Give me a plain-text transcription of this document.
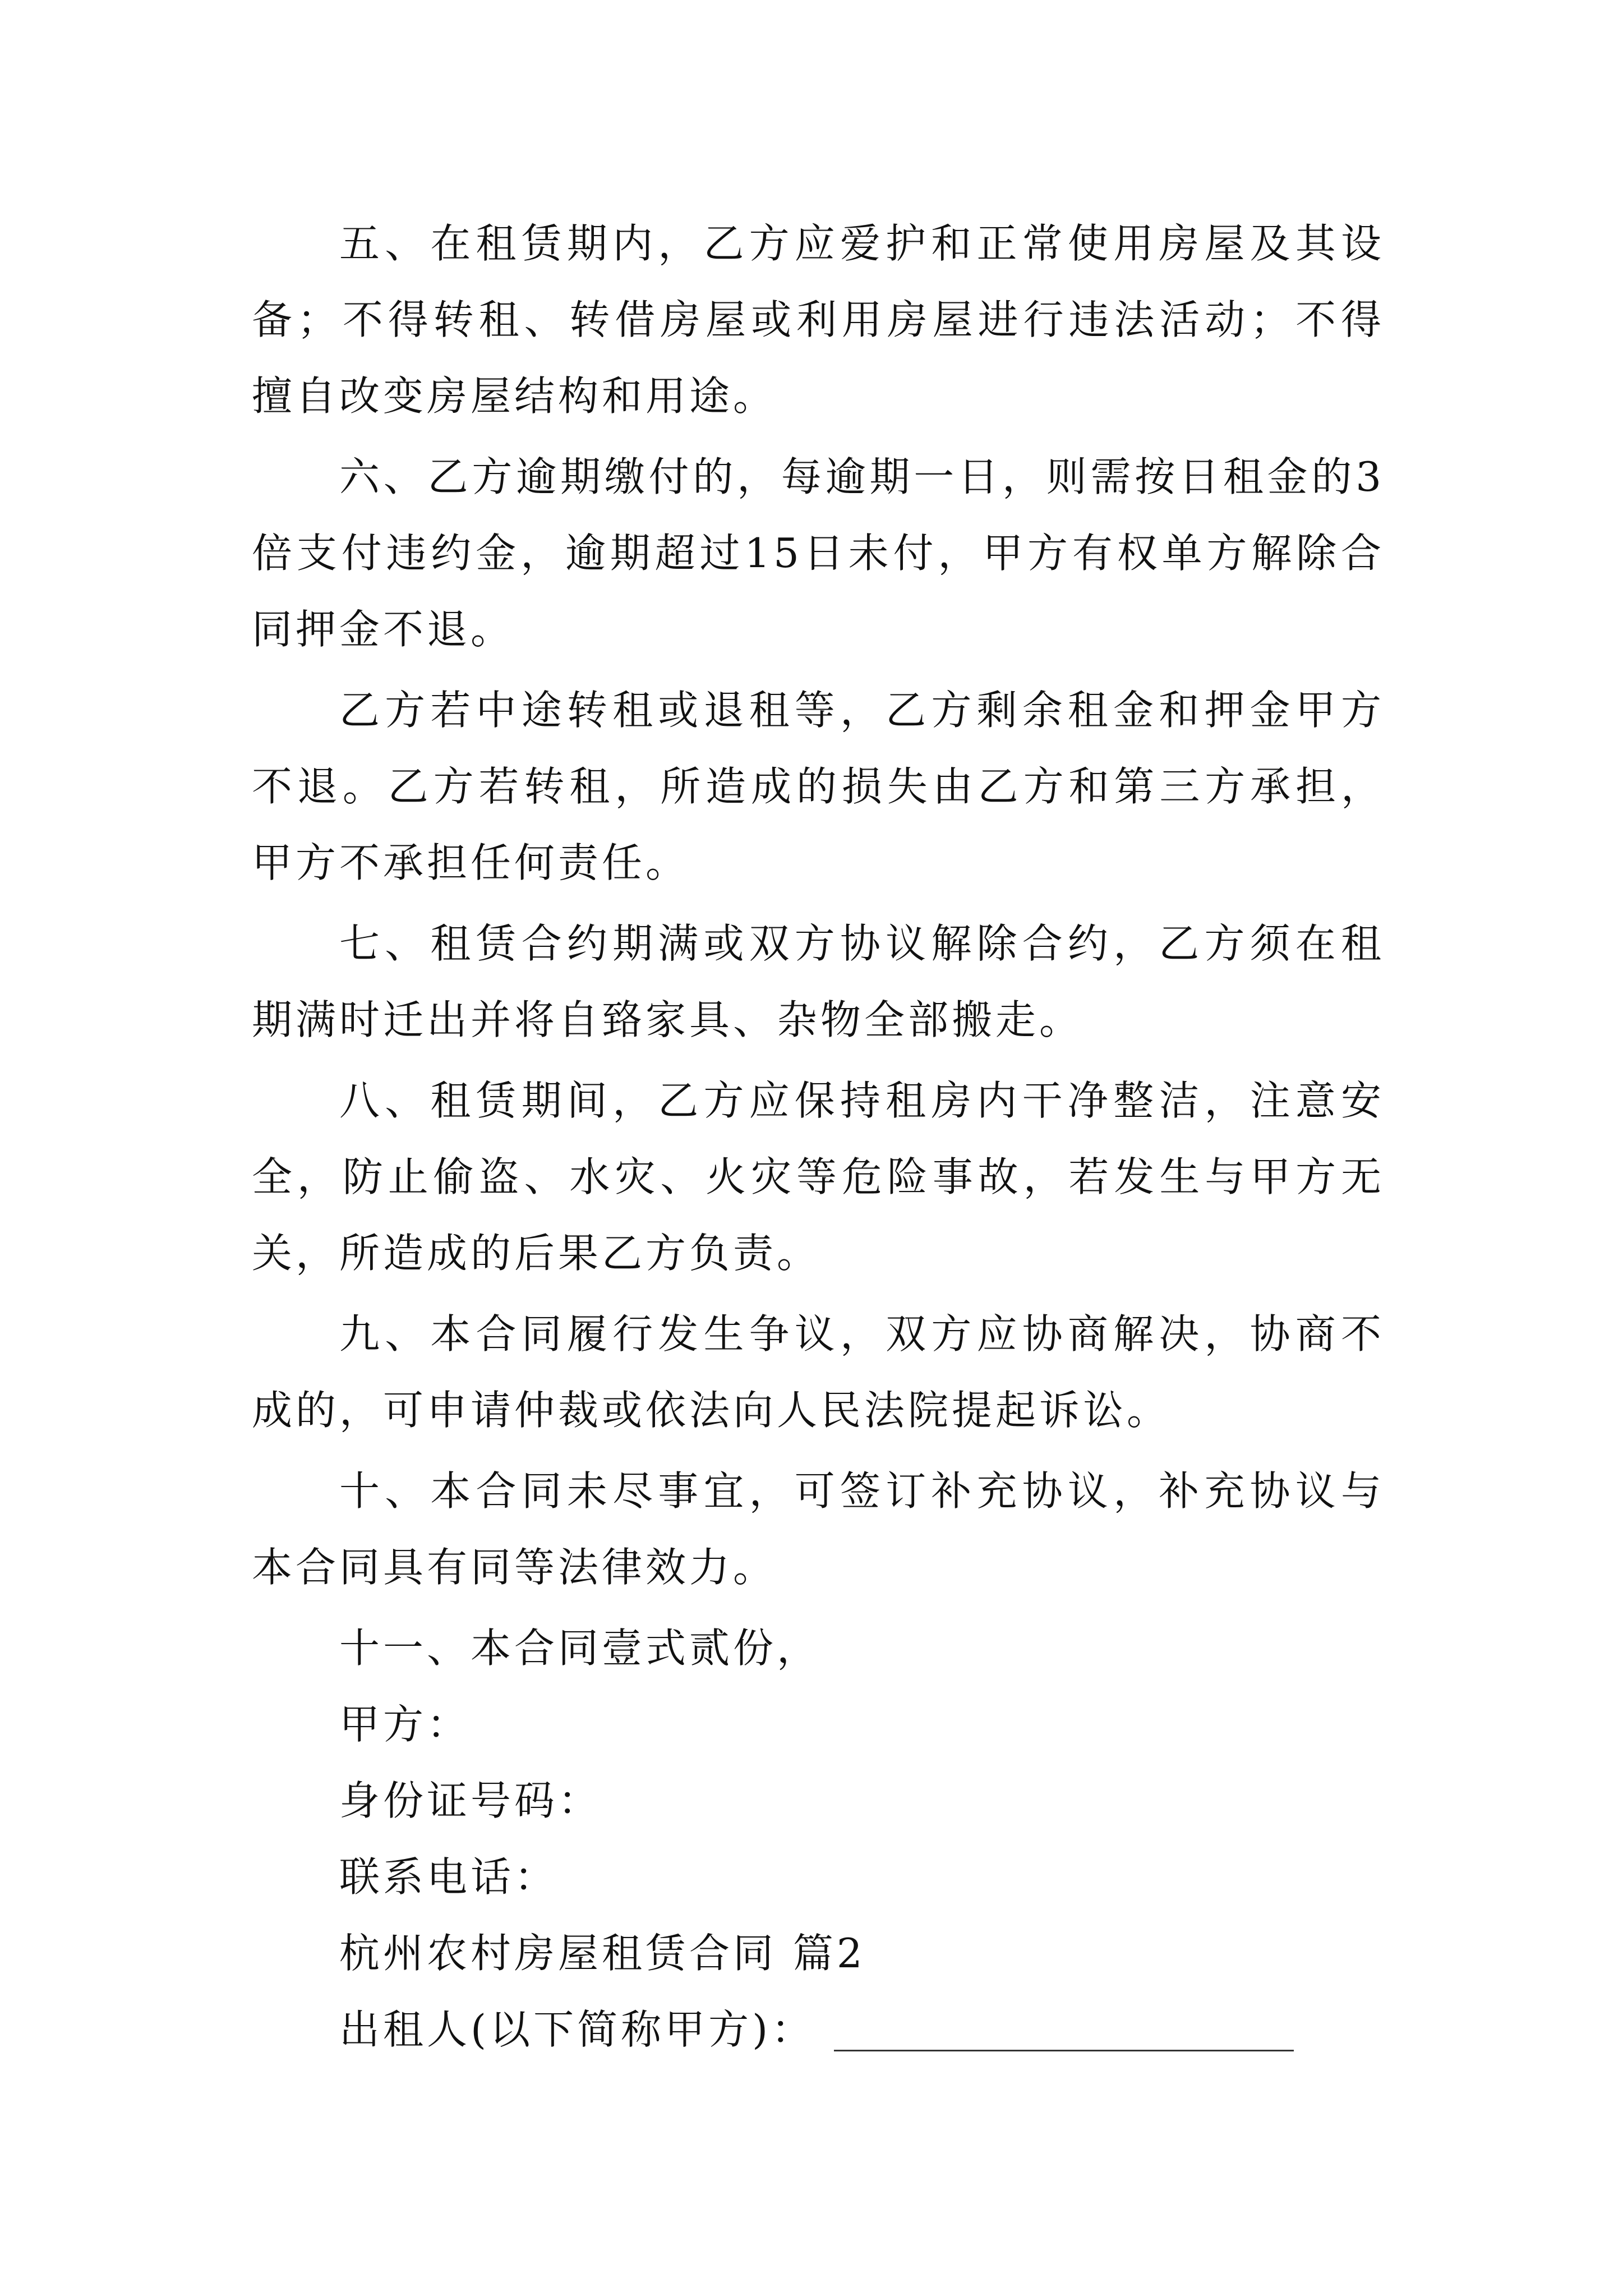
五、在租赁期内，乙方应爱护和正常使用房屋及其设备；不得转租、转借房屋或利用房屋进行违法活动；不得擅自改变房屋结构和用途。

六、乙方逾期缴付的，每逾期一日，则需按日租金的3倍支付违约金，逾期超过15日未付，甲方有权单方解除合同押金不退。

乙方若中途转租或退租等，乙方剩余租金和押金甲方不退。乙方若转租，所造成的损失由乙方和第三方承担，甲方不承担任何责任。

七、租赁合约期满或双方协议解除合约，乙方须在租期满时迁出并将自臵家具、杂物全部搬走。

八、租赁期间，乙方应保持租房内干净整洁，注意安全，防止偷盗、水灾、火灾等危险事故，若发生与甲方无关，所造成的后果乙方负责。

九、本合同履行发生争议，双方应协商解决，协商不成的，可申请仲裁或依法向人民法院提起诉讼。

十、本合同未尽事宜，可签订补充协议，补充协议与本合同具有同等法律效力。

十一、本合同壹式贰份，

甲方：

身份证号码：

联系电话：

杭州农村房屋租赁合同 篇2

出租人(以下简称甲方)：
